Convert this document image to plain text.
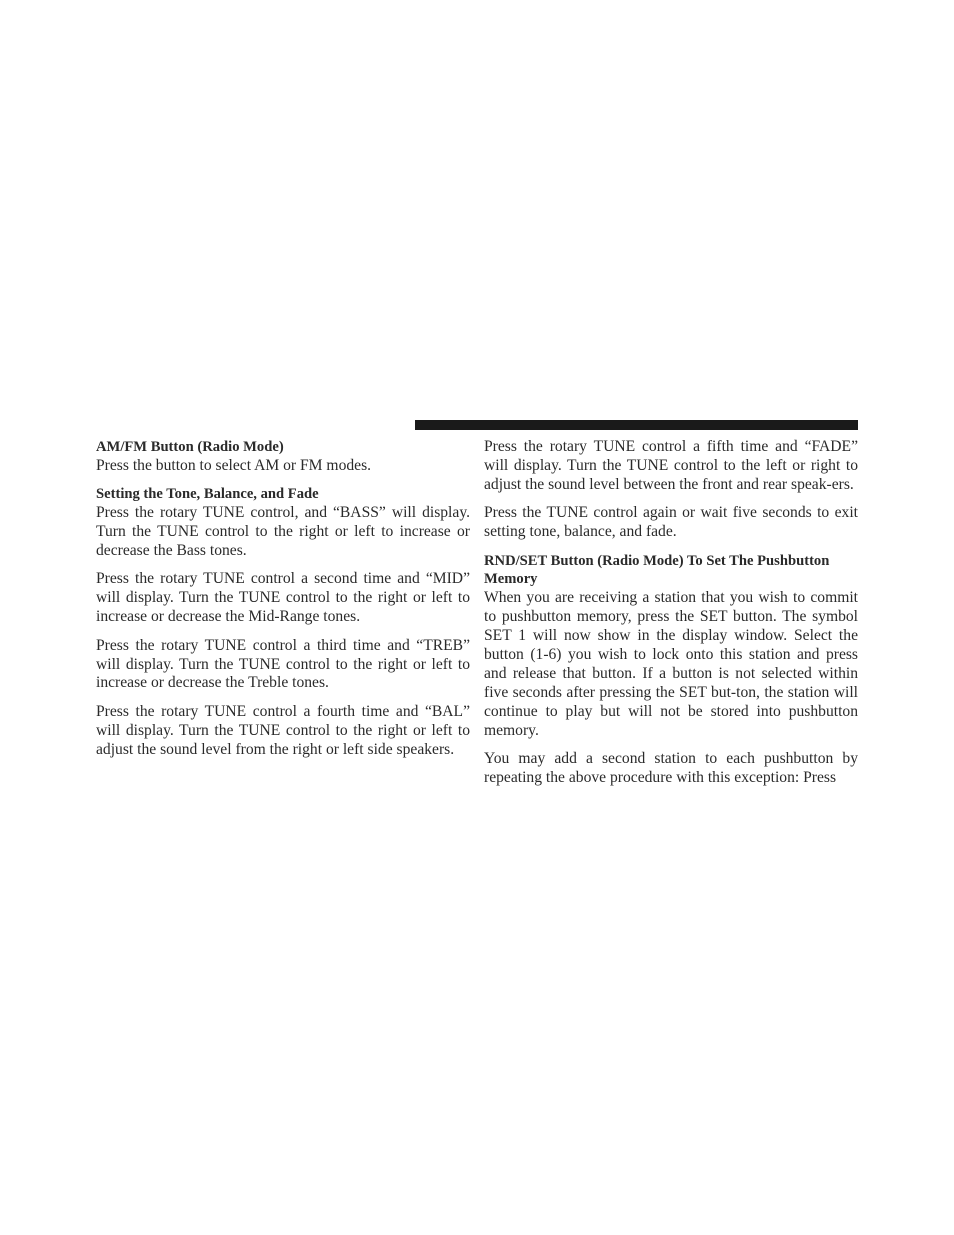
AM/FM Button (Radio Mode)

Press the button to select AM or FM modes.

Setting the Tone, Balance, and Fade

Press the rotary TUNE control, and “BASS” will display. Turn the TUNE control to the right or left to increase or decrease the Bass tones.

Press the rotary TUNE control a second time and “MID” will display. Turn the TUNE control to the right or left to increase or decrease the Mid-Range tones.

Press the rotary TUNE control a third time and “TREB” will display. Turn the TUNE control to the right or left to increase or decrease the Treble tones.

Press the rotary TUNE control a fourth time and “BAL” will display. Turn the TUNE control to the right or left to adjust the sound level from the right or left side speakers.

Press the rotary TUNE control a fifth time and “FADE” will display. Turn the TUNE control to the left or right to adjust the sound level between the front and rear speak-ers.

Press the TUNE control again or wait five seconds to exit setting tone, balance, and fade.

RND/SET Button (Radio Mode) To Set The Pushbutton Memory

When you are receiving a station that you wish to commit to pushbutton memory, press the SET button. The symbol SET 1 will now show in the display window. Select the button (1-6) you wish to lock onto this station and press and release that button. If a button is not selected within five seconds after pressing the SET but-ton, the station will continue to play but will not be stored into pushbutton memory.

You may add a second station to each pushbutton by repeating the above procedure with this exception: Press
